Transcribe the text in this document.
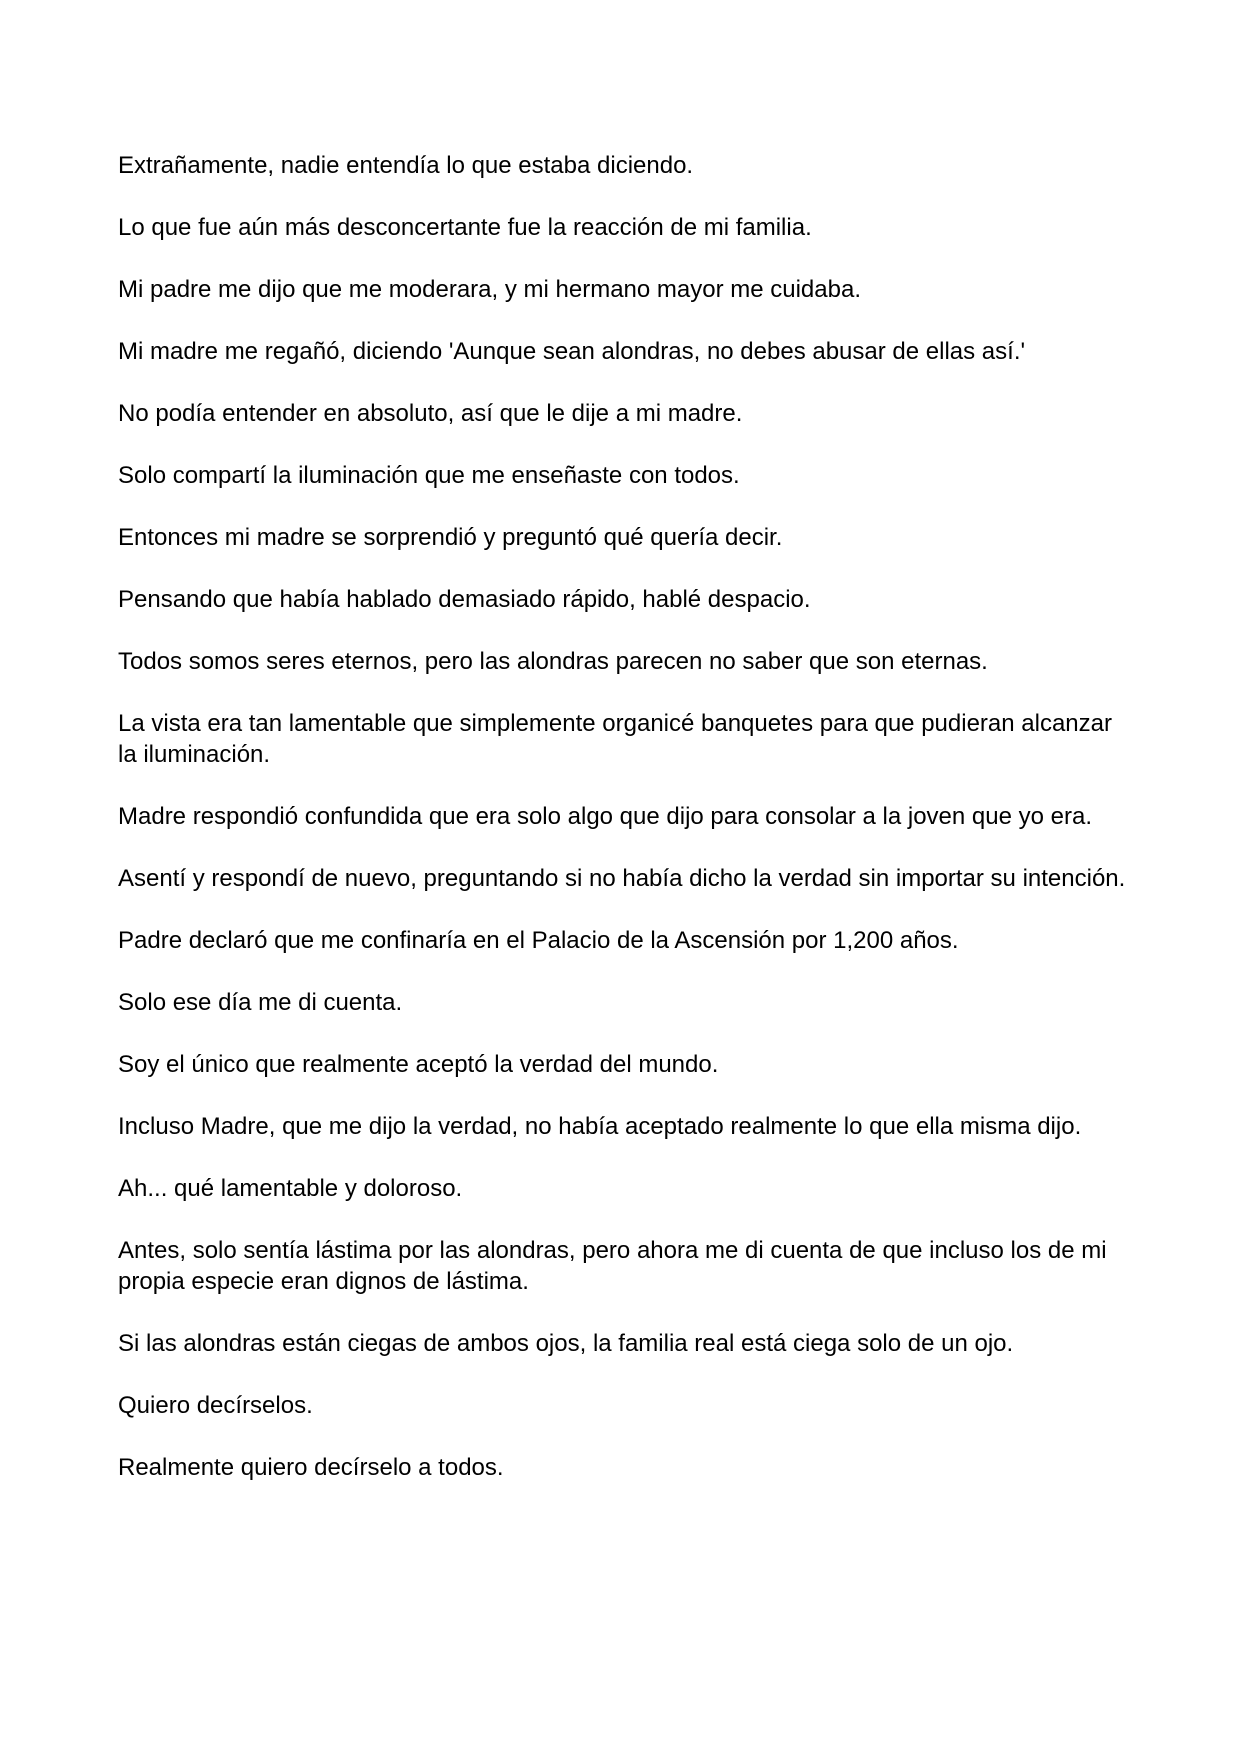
Extrañamente, nadie entendía lo que estaba diciendo.

Lo que fue aún más desconcertante fue la reacción de mi familia.

Mi padre me dijo que me moderara, y mi hermano mayor me cuidaba.

Mi madre me regañó, diciendo 'Aunque sean alondras, no debes abusar de ellas así.'

No podía entender en absoluto, así que le dije a mi madre.

Solo compartí la iluminación que me enseñaste con todos.

Entonces mi madre se sorprendió y preguntó qué quería decir.

Pensando que había hablado demasiado rápido, hablé despacio.

Todos somos seres eternos, pero las alondras parecen no saber que son eternas.

La vista era tan lamentable que simplemente organicé banquetes para que pudieran alcanzar la iluminación.

Madre respondió confundida que era solo algo que dijo para consolar a la joven que yo era.

Asentí y respondí de nuevo, preguntando si no había dicho la verdad sin importar su intención.

Padre declaró que me confinaría en el Palacio de la Ascensión por 1,200 años.

Solo ese día me di cuenta.

Soy el único que realmente aceptó la verdad del mundo.

Incluso Madre, que me dijo la verdad, no había aceptado realmente lo que ella misma dijo.

Ah... qué lamentable y doloroso.

Antes, solo sentía lástima por las alondras, pero ahora me di cuenta de que incluso los de mi propia especie eran dignos de lástima.

Si las alondras están ciegas de ambos ojos, la familia real está ciega solo de un ojo.

Quiero decírselos.

Realmente quiero decírselo a todos.
